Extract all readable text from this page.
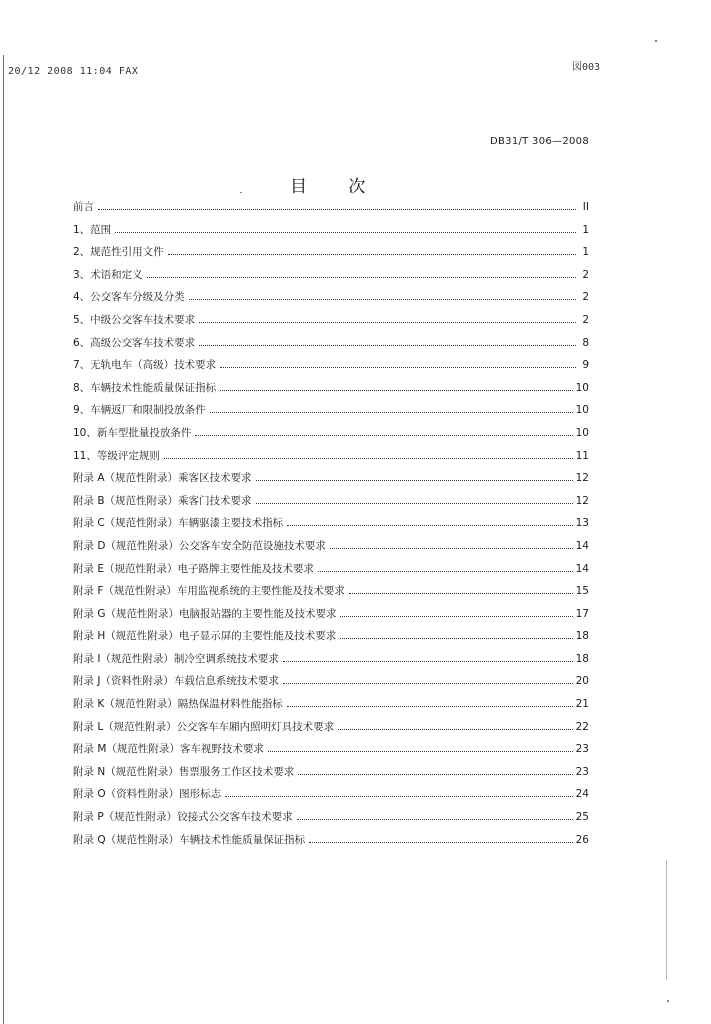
20/12 2008 11:04 FAX	図003
DB31/T 306—2008
目 次
前言	II
1、范围	1
2、规范性引用文件	1
3、术语和定义	2
4、公交客车分级及分类	2
5、中级公交客车技术要求	2
6、高级公交客车技术要求	8
7、无轨电车（高级）技术要求	9
8、车辆技术性能质量保证指标	10
9、车辆返厂和限制投放条件	10
10、新车型批量投放条件	10
11、等级评定规则	11
附录 A（规范性附录）乘客区技术要求	12
附录 B（规范性附录）乘客门技术要求	12
附录 C（规范性附录）车辆驱漆主要技术指标	13
附录 D（规范性附录）公交客车安全防范设施技术要求	14
附录 E（规范性附录）电子路牌主要性能及技术要求	14
附录 F（规范性附录）车用监视系统的主要性能及技术要求	15
附录 G（规范性附录）电脑报站器的主要性能及技术要求	17
附录 H（规范性附录）电子显示屏的主要性能及技术要求	18
附录 I（规范性附录）制冷空调系统技术要求	18
附录 J（资料性附录）车载信息系统技术要求	20
附录 K（规范性附录）隔热保温材料性能指标	21
附录 L（规范性附录）公交客车车厢内照明灯具技术要求	22
附录 M（规范性附录）客车视野技术要求	23
附录 N（规范性附录）售票服务工作区技术要求	23
附录 O（资料性附录）图形标志	24
附录 P（规范性附录）铰接式公交客车技术要求	25
附录 Q（规范性附录）车辆技术性能质量保证指标	26
